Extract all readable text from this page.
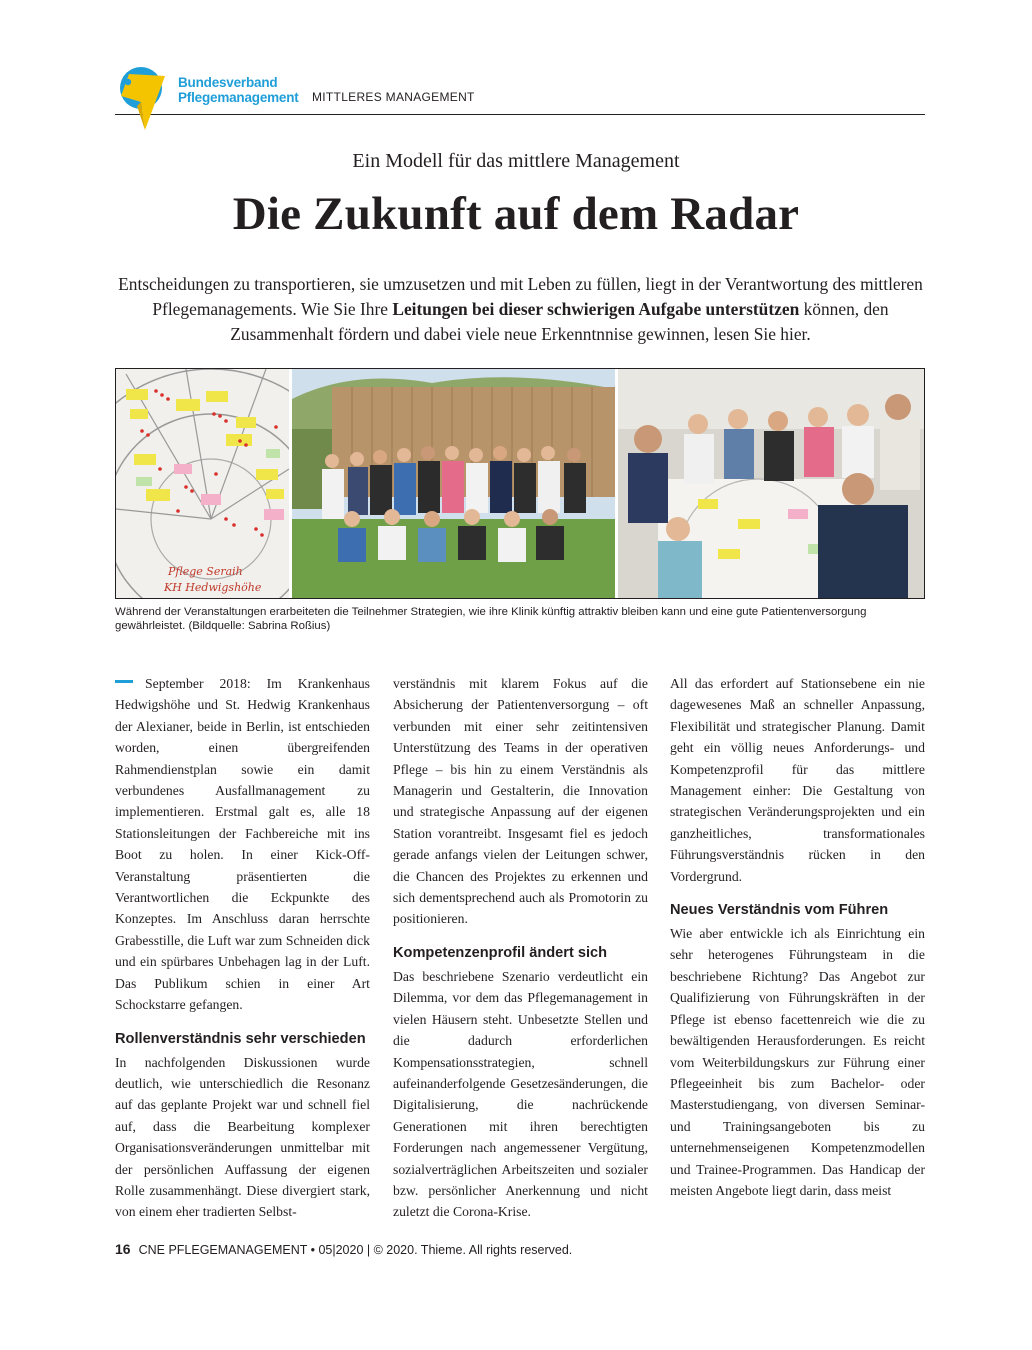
Bundesverband
Pflegemanagement MITTLERES MANAGEMENT
Ein Modell für das mittlere Management
Die Zukunft auf dem Radar
Entscheidungen zu transportieren, sie umzusetzen und mit Leben zu füllen, liegt in der Verantwortung des mittleren Pflegemanagements. Wie Sie Ihre Leitungen bei dieser schwierigen Aufgabe unterstützen können, den Zusammenhalt fördern und dabei viele neue Erkenntnnise gewinnen, lesen Sie hier.
Pflege Seraih
KH Hedwigshöhe
Während der Veranstaltungen erarbeiteten die Teilnehmer Strategien, wie ihre Klinik künftig attraktiv bleiben kann und eine gute Patientenversorgung gewährleistet. (Bildquelle: Sabrina Roßius)

September 2018: Im Krankenhaus Hedwigshöhe und St. Hedwig Krankenhaus der Alexianer, beide in Berlin, ist entschieden worden, einen übergreifenden Rahmendienstplan sowie ein damit verbundenes Ausfallmanagement zu implementieren. Erstmal galt es, alle 18 Stationsleitungen der Fachbereiche mit ins Boot zu holen. In einer Kick-Off-Veranstaltung präsentierten die Verantwortlichen die Eckpunkte des Konzeptes. Im Anschluss daran herrschte Grabesstille, die Luft war zum Schneiden dick und ein spürbares Unbehagen lag in der Luft. Das Publikum schien in einer Art Schockstarre gefangen.

Rollenverständnis sehr verschieden

In nachfolgenden Diskussionen wurde deutlich, wie unterschiedlich die Resonanz auf das geplante Projekt war und schnell fiel auf, dass die Bearbeitung komplexer Organisationsveränderungen unmittelbar mit der persönlichen Auffassung der eigenen Rolle zusammenhängt. Diese divergiert stark, von einem eher tradierten Selbst-

verständnis mit klarem Fokus auf die Absicherung der Patientenversorgung – oft verbunden mit einer sehr zeitintensiven Unterstützung des Teams in der operativen Pflege – bis hin zu einem Verständnis als Managerin und Gestalterin, die Innovation und strategische Anpassung auf der eigenen Station vorantreibt. Insgesamt fiel es jedoch gerade anfangs vielen der Leitungen schwer, die Chancen des Projektes zu erkennen und sich dementsprechend auch als Promotorin zu positionieren.

Kompetenzenprofil ändert sich

Das beschriebene Szenario verdeutlicht ein Dilemma, vor dem das Pflegemanagement in vielen Häusern steht. Unbesetzte Stellen und die dadurch erforderlichen Kompensationsstrategien, schnell aufeinanderfolgende Gesetzesänderungen, die Digitalisierung, die nachrückende Generationen mit ihren berechtigten Forderungen nach angemessener Vergütung, sozialverträglichen Arbeitszeiten und sozialer bzw. persönlicher Anerkennung und nicht zuletzt die Corona-Krise.

All das erfordert auf Stationsebene ein nie dagewesenes Maß an schneller Anpassung, Flexibilität und strategischer Planung. Damit geht ein völlig neues Anforderungs- und Kompetenzprofil für das mittlere Management einher: Die Gestaltung von strategischen Veränderungsprojekten und ein ganzheitliches, transformationales Führungsverständnis rücken in den Vordergrund.

Neues Verständnis vom Führen

Wie aber entwickle ich als Einrichtung ein sehr heterogenes Führungsteam in die beschriebene Richtung? Das Angebot zur Qualifizierung von Führungskräften in der Pflege ist ebenso facettenreich wie die zu bewältigenden Herausforderungen. Es reicht vom Weiterbildungskurs zur Führung einer Pflegeeinheit bis zum Bachelor- oder Masterstudiengang, von diversen Seminar- und Trainingsangeboten bis zu unternehmenseigenen Kompetenzmodellen und Trainee-Programmen. Das Handicap der meisten Angebote liegt darin, dass meist

16 CNE PFLEGEMANAGEMENT • 05|2020 | © 2020. Thieme. All rights reserved.
